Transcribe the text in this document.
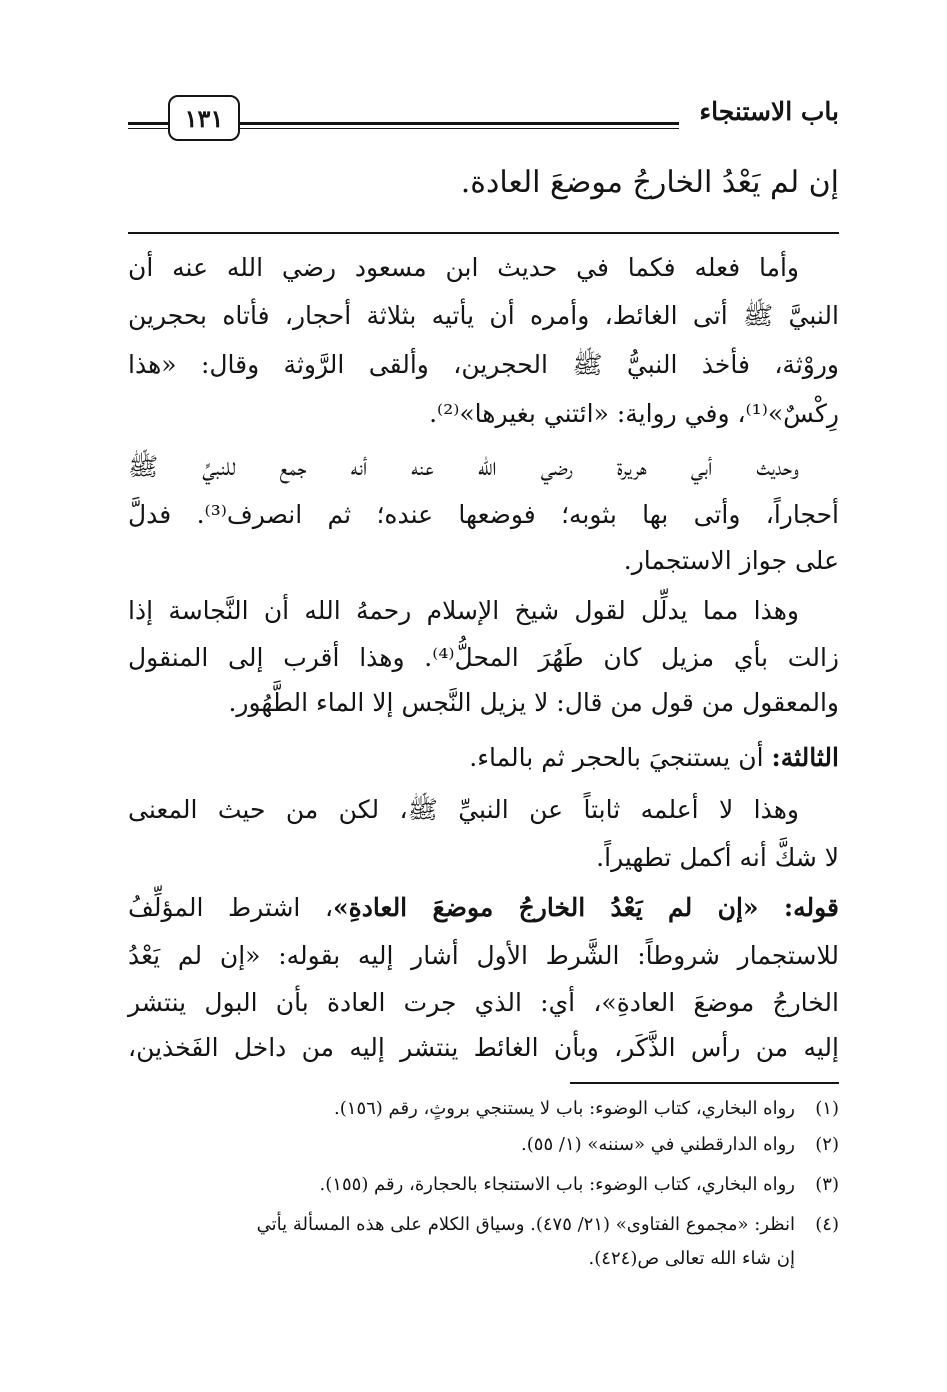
باب الاستنجاء
١٣١
إن لم يَعْدُ الخارجُ موضعَ العادة.
وأما فعله فكما في حديث ابن مسعود رضي الله عنه أن
النبيَّ ﷺ أتى الغائط، وأمره أن يأتيه بثلاثة أحجار، فأتاه بحجرين
وروْثة، فأخذ النبيُّ ﷺ الحجرين، وألقى الرَّوثة وقال: «هذا
رِكْسٌ»⁽¹⁾، وفي رواية: «ائتني بغيرها»⁽²⁾.
وحديث أبي هريرة رضي الله عنه أنه جمع للنبيِّ ﷺ
أحجاراً، وأتى بها بثوبه؛ فوضعها عنده؛ ثم انصرف⁽³⁾. فدلَّ
على جواز الاستجمار.
وهذا مما يدلِّل لقول شيخ الإسلام رحمهُ الله أن النَّجاسة إذا
زالت بأي مزيل كان طَهُرَ المحلُّ⁽⁴⁾. وهذا أقرب إلى المنقول
والمعقول من قول من قال: لا يزيل النَّجس إلا الماء الطَّهُور.
الثالثة: أن يستنجيَ بالحجر ثم بالماء.
وهذا لا أعلمه ثابتاً عن النبيِّ ﷺ، لكن من حيث المعنى
لا شكَّ أنه أكمل تطهيراً.
قوله: «إن لم يَعْدُ الخارجُ موضعَ العادةِ»، اشترط المؤلِّفُ
للاستجمار شروطاً: الشَّرط الأول أشار إليه بقوله: «إن لم يَعْدُ
الخارجُ موضعَ العادةِ»، أي: الذي جرت العادة بأن البول ينتشر
إليه من رأس الذَّكَر، وبأن الغائط ينتشر إليه من داخل الفَخذين،
(١)رواه البخاري، كتاب الوضوء: باب لا يستنجي بروثٍ، رقم (١٥٦).
(٢)رواه الدارقطني في «سننه» (١/ ٥٥).
(٣)رواه البخاري، كتاب الوضوء: باب الاستنجاء بالحجارة، رقم (١٥٥).
(٤)انظر: «مجموع الفتاوى» (٢١/ ٤٧٥). وسياق الكلام على هذه المسألة يأتي
إن شاء الله تعالى ص(٤٢٤).
